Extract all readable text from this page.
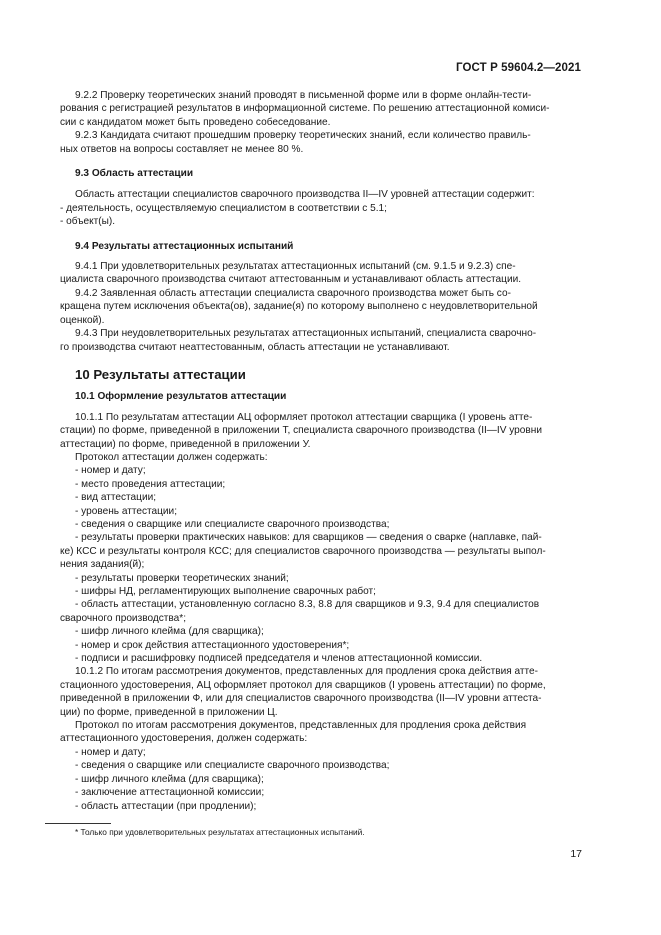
ГОСТ Р 59604.2—2021

9.2.2 Проверку теоретических знаний проводят в письменной форме или в форме онлайн-тести-

рования с регистрацией результатов в информационной системе. По решению аттестационной комиси-

сии с кандидатом может быть проведено собеседование.

9.2.3 Кандидата считают прошедшим проверку теоретических знаний, если количество правиль-

ных ответов на вопросы составляет не менее 80 %.

9.3 Область аттестации

Область аттестации специалистов сварочного производства II—IV уровней аттестации содержит:

- деятельность, осуществляемую специалистом в соответствии с 5.1;

- объект(ы).

9.4 Результаты аттестационных испытаний

9.4.1 При удовлетворительных результатах аттестационных испытаний (см. 9.1.5 и 9.2.3) спе-

циалиста сварочного производства считают аттестованным и устанавливают область аттестации.

9.4.2 Заявленная область аттестации специалиста сварочного производства может быть со-

кращена путем исключения объекта(ов), задание(я) по которому выполнено с неудовлетворительной

оценкой).

9.4.3 При неудовлетворительных результатах аттестационных испытаний, специалиста сварочно-

го производства считают неаттестованным, область аттестации не устанавливают.

10 Результаты аттестации

10.1 Оформление результатов аттестации

10.1.1 По результатам аттестации АЦ оформляет протокол аттестации сварщика (I уровень атте-

стации) по форме, приведенной в приложении Т, специалиста сварочного производства (II—IV уровни

аттестации) по форме, приведенной в приложении У.

Протокол аттестации должен содержать:

- номер и дату;

- место проведения аттестации;

- вид аттестации;

- уровень аттестации;

- сведения о сварщике или специалисте сварочного производства;

- результаты проверки практических навыков: для сварщиков — сведения о сварке (наплавке, пай-

ке) КСС и результаты контроля КСС; для специалистов сварочного производства — результаты выпол-

нения задания(й);

- результаты проверки теоретических знаний;

- шифры НД, регламентирующих выполнение сварочных работ;

- область аттестации, установленную согласно 8.3, 8.8 для сварщиков и 9.3, 9.4 для специалистов

сварочного производства*;

- шифр личного клейма (для сварщика);

- номер и срок действия аттестационного удостоверения*;

- подписи и расшифровку подписей председателя и членов аттестационной комиссии.

10.1.2 По итогам рассмотрения документов, представленных для продления срока действия атте-

стационного удостоверения, АЦ оформляет протокол для сварщиков (I уровень аттестации) по форме,

приведенной в приложении Ф, или для специалистов сварочного производства (II—IV уровни аттеста-

ции) по форме, приведенной в приложении Ц.

Протокол по итогам рассмотрения документов, представленных для продления срока действия

аттестационного удостоверения, должен содержать:

- номер и дату;

- сведения о сварщике или специалисте сварочного производства;

- шифр личного клейма (для сварщика);

- заключение аттестационной комиссии;

- область аттестации (при продлении);

* Только при удовлетворительных результатах аттестационных испытаний.
17
